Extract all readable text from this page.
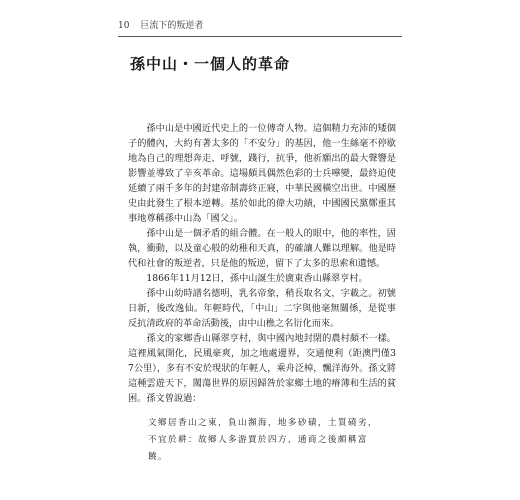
10 巨流下的叛逆者
孫中山・一個人的革命

孫中山是中國近代史上的一位傳奇人物。這個精力充沛的矮個子的體內，大約有著太多的「不安分」的基因，他一生絲毫不停歇地為自己的理想奔走、呼號，踐行，抗爭，他祈願出的最大聲響是影響並導致了辛亥革命。這場頗具偶然色彩的士兵嘩變，最終迫使延續了兩千多年的封建帝制壽終正寢，中華民國橫空出世。中國歷史由此發生了根本逆轉。基於如此的偉大功績，中國國民黨鄭重其事地尊稱孫中山為「國父」。

孫中山是一個矛盾的組合體。在一般人的眼中，他的率性，固執，衝動，以及童心般的幼稚和天真，的確讓人難以理解。他是時代和社會的叛逆者，只是他的叛逆，留下了太多的思索和遺憾。

1866年11月12日，孫中山誕生於廣東香山縣翠亨村。

孫中山幼時譜名德明，乳名帝象，稍長取名文，字載之。初號日新，後改逸仙。年輕時代，「中山」二字與他毫無關係，是從事反抗清政府的革命活動後，由中山樵之名衍化而來。

孫文的家鄉香山縣翠亨村，與中國內地封閉的農村頗不一樣。這裡風氣開化，民風豪爽，加之地處邊界，交通便利（距澳門僅37公里），多有不安於現狀的年輕人，乘舟泛棹，飄洋海外。孫文將這種雲遊天下，闖蕩世界的原因歸咎於家鄉土地的瘠薄和生活的貧困。孫文曾說過：

文鄉居香山之東，負山瀕海，地多砂磧，土質磽劣，不宜於耕：故鄉人多游賈於四方，通商之後頗稱富饒。
